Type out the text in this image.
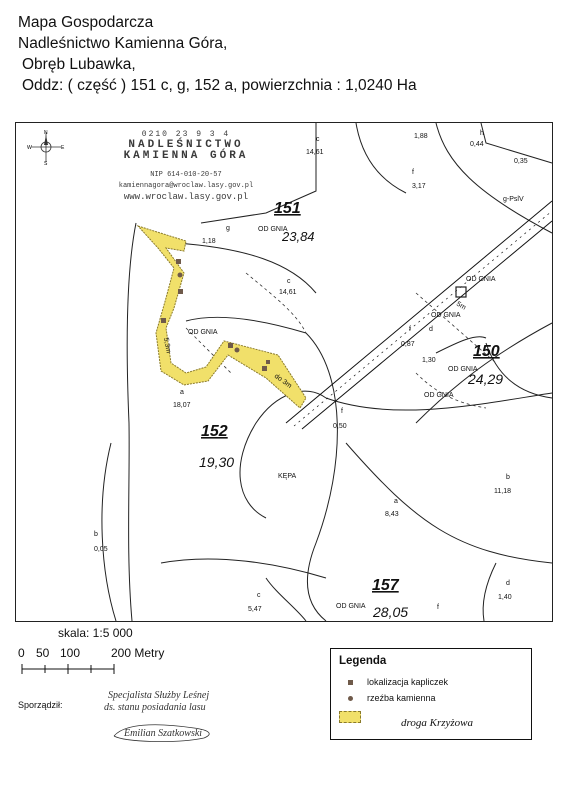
Mapa Gospodarcza
Nadleśnictwo Kamienna Góra,
Obręb Lubawka,
Oddz: ( część ) 151 c, g, 152 a, powierzchnia : 1,0240 Ha
c
14,61
g
1,18
c
14,61
a
18,07
OD GNIA
OD GNIA
OD GNIA
OD GNIA
OD GNIA
OD GNIA
OD GNIA
f
3,17
f
0,87
f
0,50
f
h
0,44
1,88
0,35
d
1,30
d
1,40
b
11,18
b
0,05
a
8,43
c
5,47
KĘPA
g-PslV
5m
5,3m
do 3m
151
23,84
152
19,30
150
24,29
157
28,05
N
S
E
W
0210 23 9 3 4
NADLEŚNICTWO
KAMIENNA GÓRA
NIP 614-010-20-57
kamiennagora@wroclaw.lasy.gov.pl
www.wroclaw.lasy.gov.pl
skala: 1:5 000
0 50 100	200 Metry
Sporządził:
Specjalista Służby Leśnej
ds. stanu posiadania lasu
Emilian Szatkowski
Legenda
lokalizacja kapliczek
rzeźba kamienna
droga Krzyżowa
